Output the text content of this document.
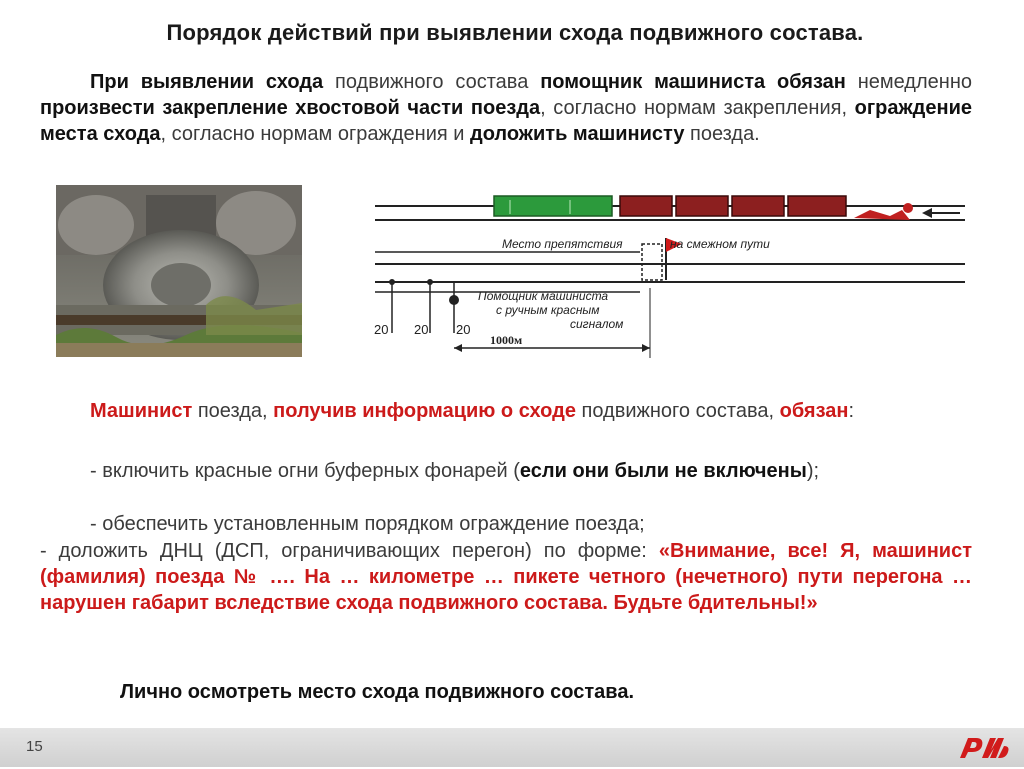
Порядок действий при выявлении схода подвижного состава.
При выявлении схода подвижного состава помощник машиниста обязан немедленно произвести закрепление хвостовой части поезда, согласно нормам закрепления, ограждение места схода, согласно нормам ограждения и доложить машинисту поезда.
Место препятствия	на смежном пути
Помощник машиниста
с ручным красным
сигналом
20 20 20
1000м
Машинист поезда, получив информацию о сходе подвижного состава, обязан:
- включить красные огни буферных фонарей (если они были не включены);
- обеспечить установленным порядком ограждение поезда;
- доложить ДНЦ (ДСП, ограничивающих перегон) по форме: «Внимание, все! Я, машинист (фамилия) поезда № …. На … километре … пикете четного (нечетного) пути перегона … нарушен габарит вследствие схода подвижного состава. Будьте бдительны!»
Лично осмотреть место схода подвижного состава.
15
